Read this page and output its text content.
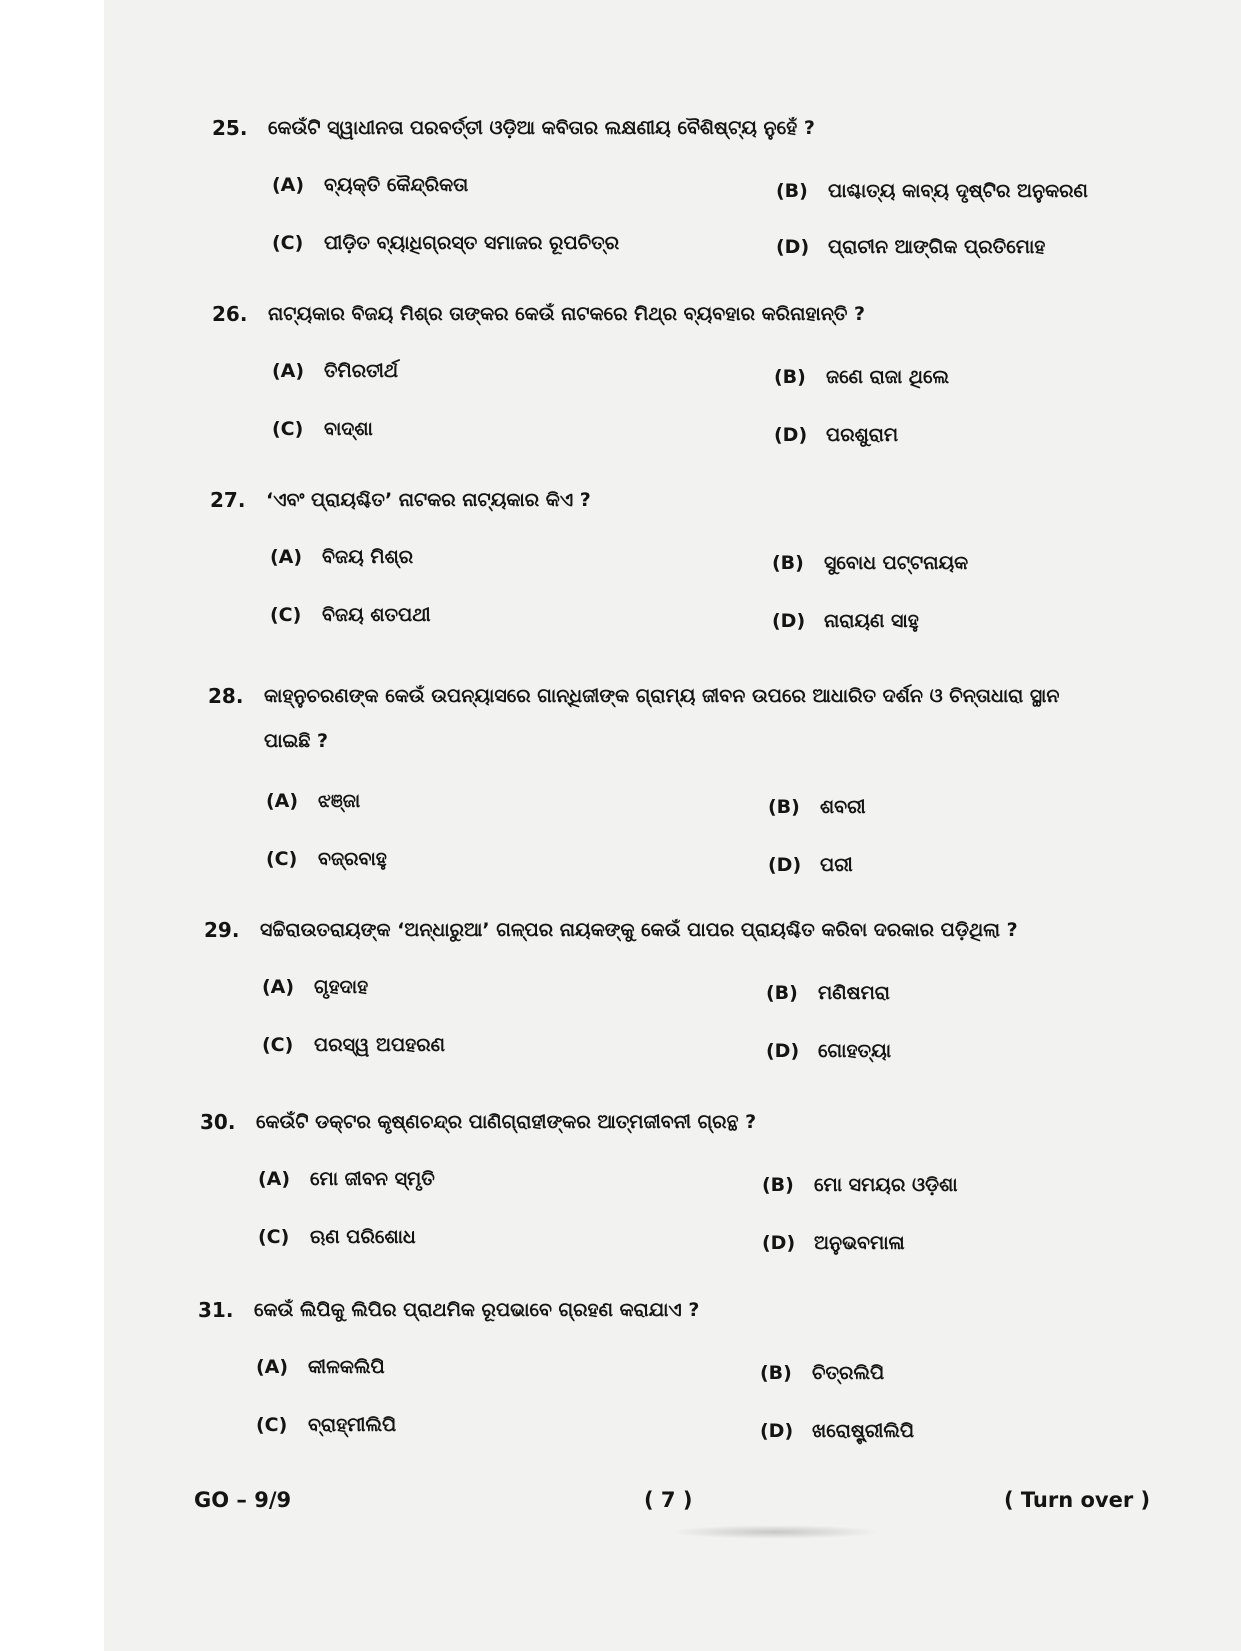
25. କେଉଁଟି ସ୍ୱାଧୀନତା ପରବର୍ତ୍ତୀ ଓଡ଼ିଆ କବିତାର ଲକ୍ଷଣୀୟ ବୈଶିଷ୍ଟ୍ୟ ନୁହେଁ ?
(A) ବ୍ୟକ୍ତି କୈନ୍ଦ୍ରିକତା	(B) ପାଶ୍ଚାତ୍ୟ କାବ୍ୟ ଦୃଷ୍ଟିର ଅନୁକରଣ
(C) ପୀଡ଼ିତ ବ୍ୟାଧିଗ୍ରସ୍ତ ସମାଜର ରୂପଚିତ୍ର	(D) ପ୍ରାଚୀନ ଆଙ୍ଗିକ ପ୍ରତିମୋହ
26. ନାଟ୍ୟକାର ବିଜୟ ମିଶ୍ର ତାଙ୍କର କେଉଁ ନାଟକରେ ମିଥ୍‌ର ବ୍ୟବହାର କରିନାହାନ୍ତି ?
(A) ତିମିରତୀର୍ଥ	(B) ଜଣେ ରାଜା ଥିଲେ
(C) ବାଦ୍‌ଶା	(D) ପରଶୁରାମ
27. ‘ଏବଂ ପ୍ରାୟଶ୍ଚିତ’ ନାଟକର ନାଟ୍ୟକାର କିଏ ?
(A) ବିଜୟ ମିଶ୍ର	(B) ସୁବୋଧ ପଟ୍ଟନାୟକ
(C) ବିଜୟ ଶତପଥୀ	(D) ନାରାୟଣ ସାହୁ
28. କାହ୍ନୁଚରଣଙ୍କ କେଉଁ ଉପନ୍ୟାସରେ ଗାନ୍ଧିଜୀଙ୍କ ଗ୍ରାମ୍ୟ ଜୀବନ ଉପରେ ଆଧାରିତ ଦର୍ଶନ ଓ ଚିନ୍ତାଧାରା ସ୍ଥାନ
ପାଇଛି ?
(A) ଝଞ୍ଜା	(B) ଶବରୀ
(C) ବଜ୍ରବାହୁ	(D) ପରୀ
29. ସଚ୍ଚିରାଉତରାୟଙ୍କ ‘ଅନ୍ଧାରୁଆ’ ଗଳ୍ପର ନାୟକଙ୍କୁ କେଉଁ ପାପର ପ୍ରାୟଶ୍ଚିତ କରିବା ଦରକାର ପଡ଼ିଥିଲା ?
(A) ଗୃହଦାହ	(B) ମଣିଷମରା
(C) ପରସ୍ୱ ଅପହରଣ	(D) ଗୋହତ୍ୟା
30. କେଉଁଟି ଡକ୍ଟର କୃଷ୍ଣଚନ୍ଦ୍ର ପାଣିଗ୍ରାହୀଙ୍କର ଆତ୍ମଜୀବନୀ ଗ୍ରନ୍ଥ ?
(A) ମୋ ଜୀବନ ସ୍ମୃତି	(B) ମୋ ସମୟର ଓଡ଼ିଶା
(C) ଋଣ ପରିଶୋଧ	(D) ଅନୁଭବମାଳା
31. କେଉଁ ଲିପିକୁ ଲିପିର ପ୍ରାଥମିକ ରୂପଭାବେ ଗ୍ରହଣ କରାଯାଏ ?
(A) କୀଳକଲିପି	(B) ଚିତ୍ରଲିପି
(C) ବ୍ରାହ୍ମୀଲିପି	(D) ଖରୋଷ୍ଟ୍ରୀଲିପି
GO – 9/9	( 7 )	( Turn over )
